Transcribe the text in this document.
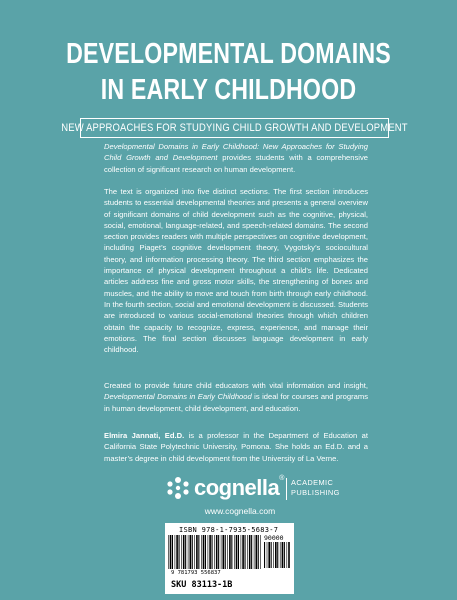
DEVELOPMENTAL DOMAINS
IN EARLY CHILDHOOD
NEW APPROACHES FOR STUDYING CHILD GROWTH AND DEVELOPMENT

Developmental Domains in Early Childhood: New Approaches for Studying Child Growth and Development provides students with a comprehensive collection of significant research on human development.

The text is organized into five distinct sections. The first section introduces students to essential developmental theories and presents a general overview of significant domains of child development such as the cognitive, physical, social, emotional, language-related, and speech-related domains. The second section provides readers with multiple perspectives on cognitive development, including Piaget’s cognitive development theory, Vygotsky’s sociocultural theory, and information processing theory. The third section emphasizes the importance of physical development throughout a child’s life. Dedicated articles address fine and gross motor skills, the strengthening of bones and muscles, and the ability to move and touch from birth through early childhood. In the fourth section, social and emotional development is discussed. Students are introduced to various social-emotional theories through which children obtain the capacity to recognize, express, experience, and manage their emotions. The final section discusses language development in early childhood.

Created to provide future child educators with vital information and insight, Developmental Domains in Early Childhood is ideal for courses and programs in human development, child development, and education.

Elmira Jannati, Ed.D. is a professor in the Department of Education at California State Polytechnic University, Pomona. She holds an Ed.D. and a master’s degree in child development from the University of La Verne.

cognella® ACADEMIC
PUBLISHING
www.cognella.com
ISBN 978-1-7935-5683-7
90000
9 781793 556837
SKU 83113-1B
